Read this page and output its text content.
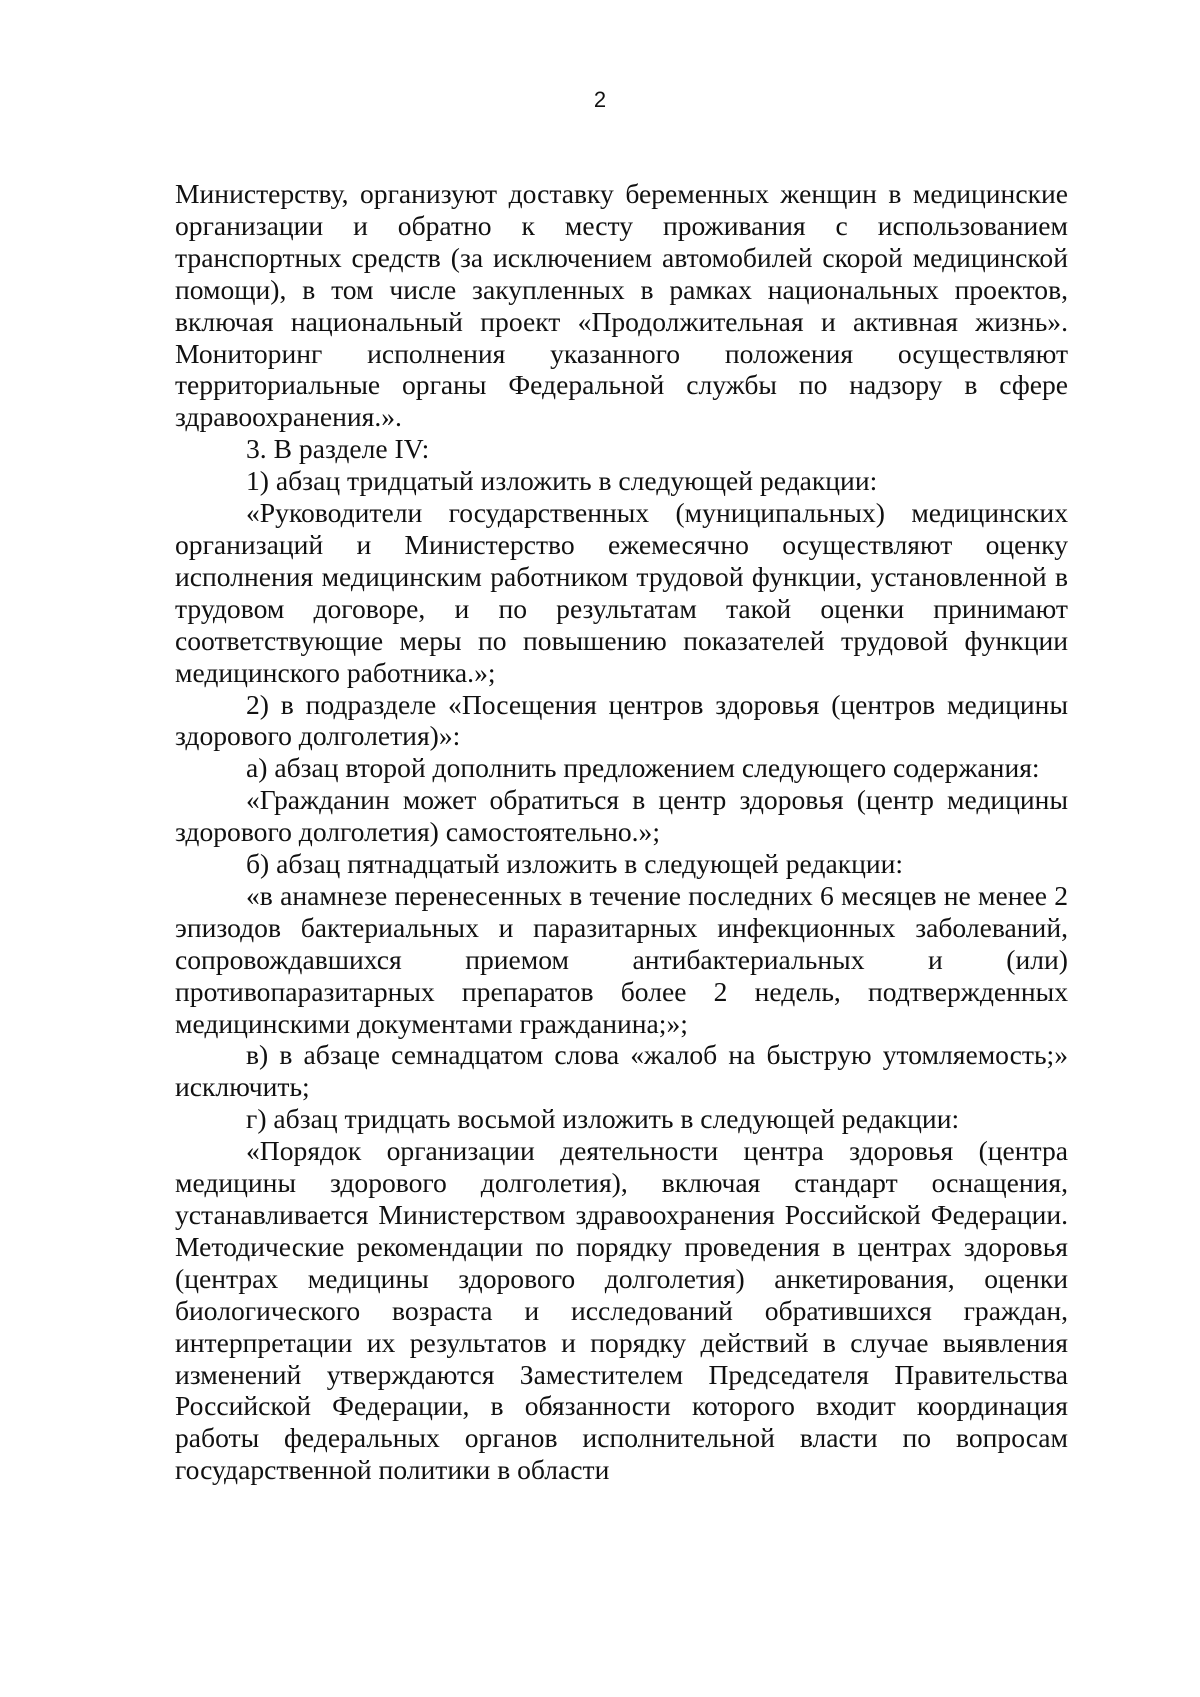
2

Министерству, организуют доставку беременных женщин в медицинские организации и обратно к месту проживания с использованием транспортных средств (за исключением автомобилей скорой медицинской помощи), в том числе закупленных в рамках национальных проектов, включая национальный проект «Продолжительная и активная жизнь». Мониторинг исполнения указанного положения осуществляют территориальные органы Федеральной службы по надзору в сфере здравоохранения.».

3. В разделе IV:

1) абзац тридцатый изложить в следующей редакции:

«Руководители государственных (муниципальных) медицинских организаций и Министерство ежемесячно осуществляют оценку исполнения медицинским работником трудовой функции, установленной в трудовом договоре, и по результатам такой оценки принимают соответствующие меры по повышению показателей трудовой функции медицинского работника.»;

2) в подразделе «Посещения центров здоровья (центров медицины здорового долголетия)»:

а) абзац второй дополнить предложением следующего содержания:

«Гражданин может обратиться в центр здоровья (центр медицины здорового долголетия) самостоятельно.»;

б) абзац пятнадцатый изложить в следующей редакции:

«в анамнезе перенесенных в течение последних 6 месяцев не менее 2 эпизодов бактериальных и паразитарных инфекционных заболеваний, сопровождавшихся приемом антибактериальных и (или) противопаразитарных препаратов более 2 недель, подтвержденных медицинскими документами гражданина;»;

в) в абзаце семнадцатом слова «жалоб на быструю утомляемость;» исключить;

г) абзац тридцать восьмой изложить в следующей редакции:

«Порядок организации деятельности центра здоровья (центра медицины здорового долголетия), включая стандарт оснащения, устанавливается Министерством здравоохранения Российской Федерации. Методические рекомендации по порядку проведения в центрах здоровья (центрах медицины здорового долголетия) анкетирования, оценки биологического возраста и исследований обратившихся граждан, интерпретации их результатов и порядку действий в случае выявления изменений утверждаются Заместителем Председателя Правительства Российской Федерации, в обязанности которого входит координация работы федеральных органов исполнительной власти по вопросам государственной политики в области
